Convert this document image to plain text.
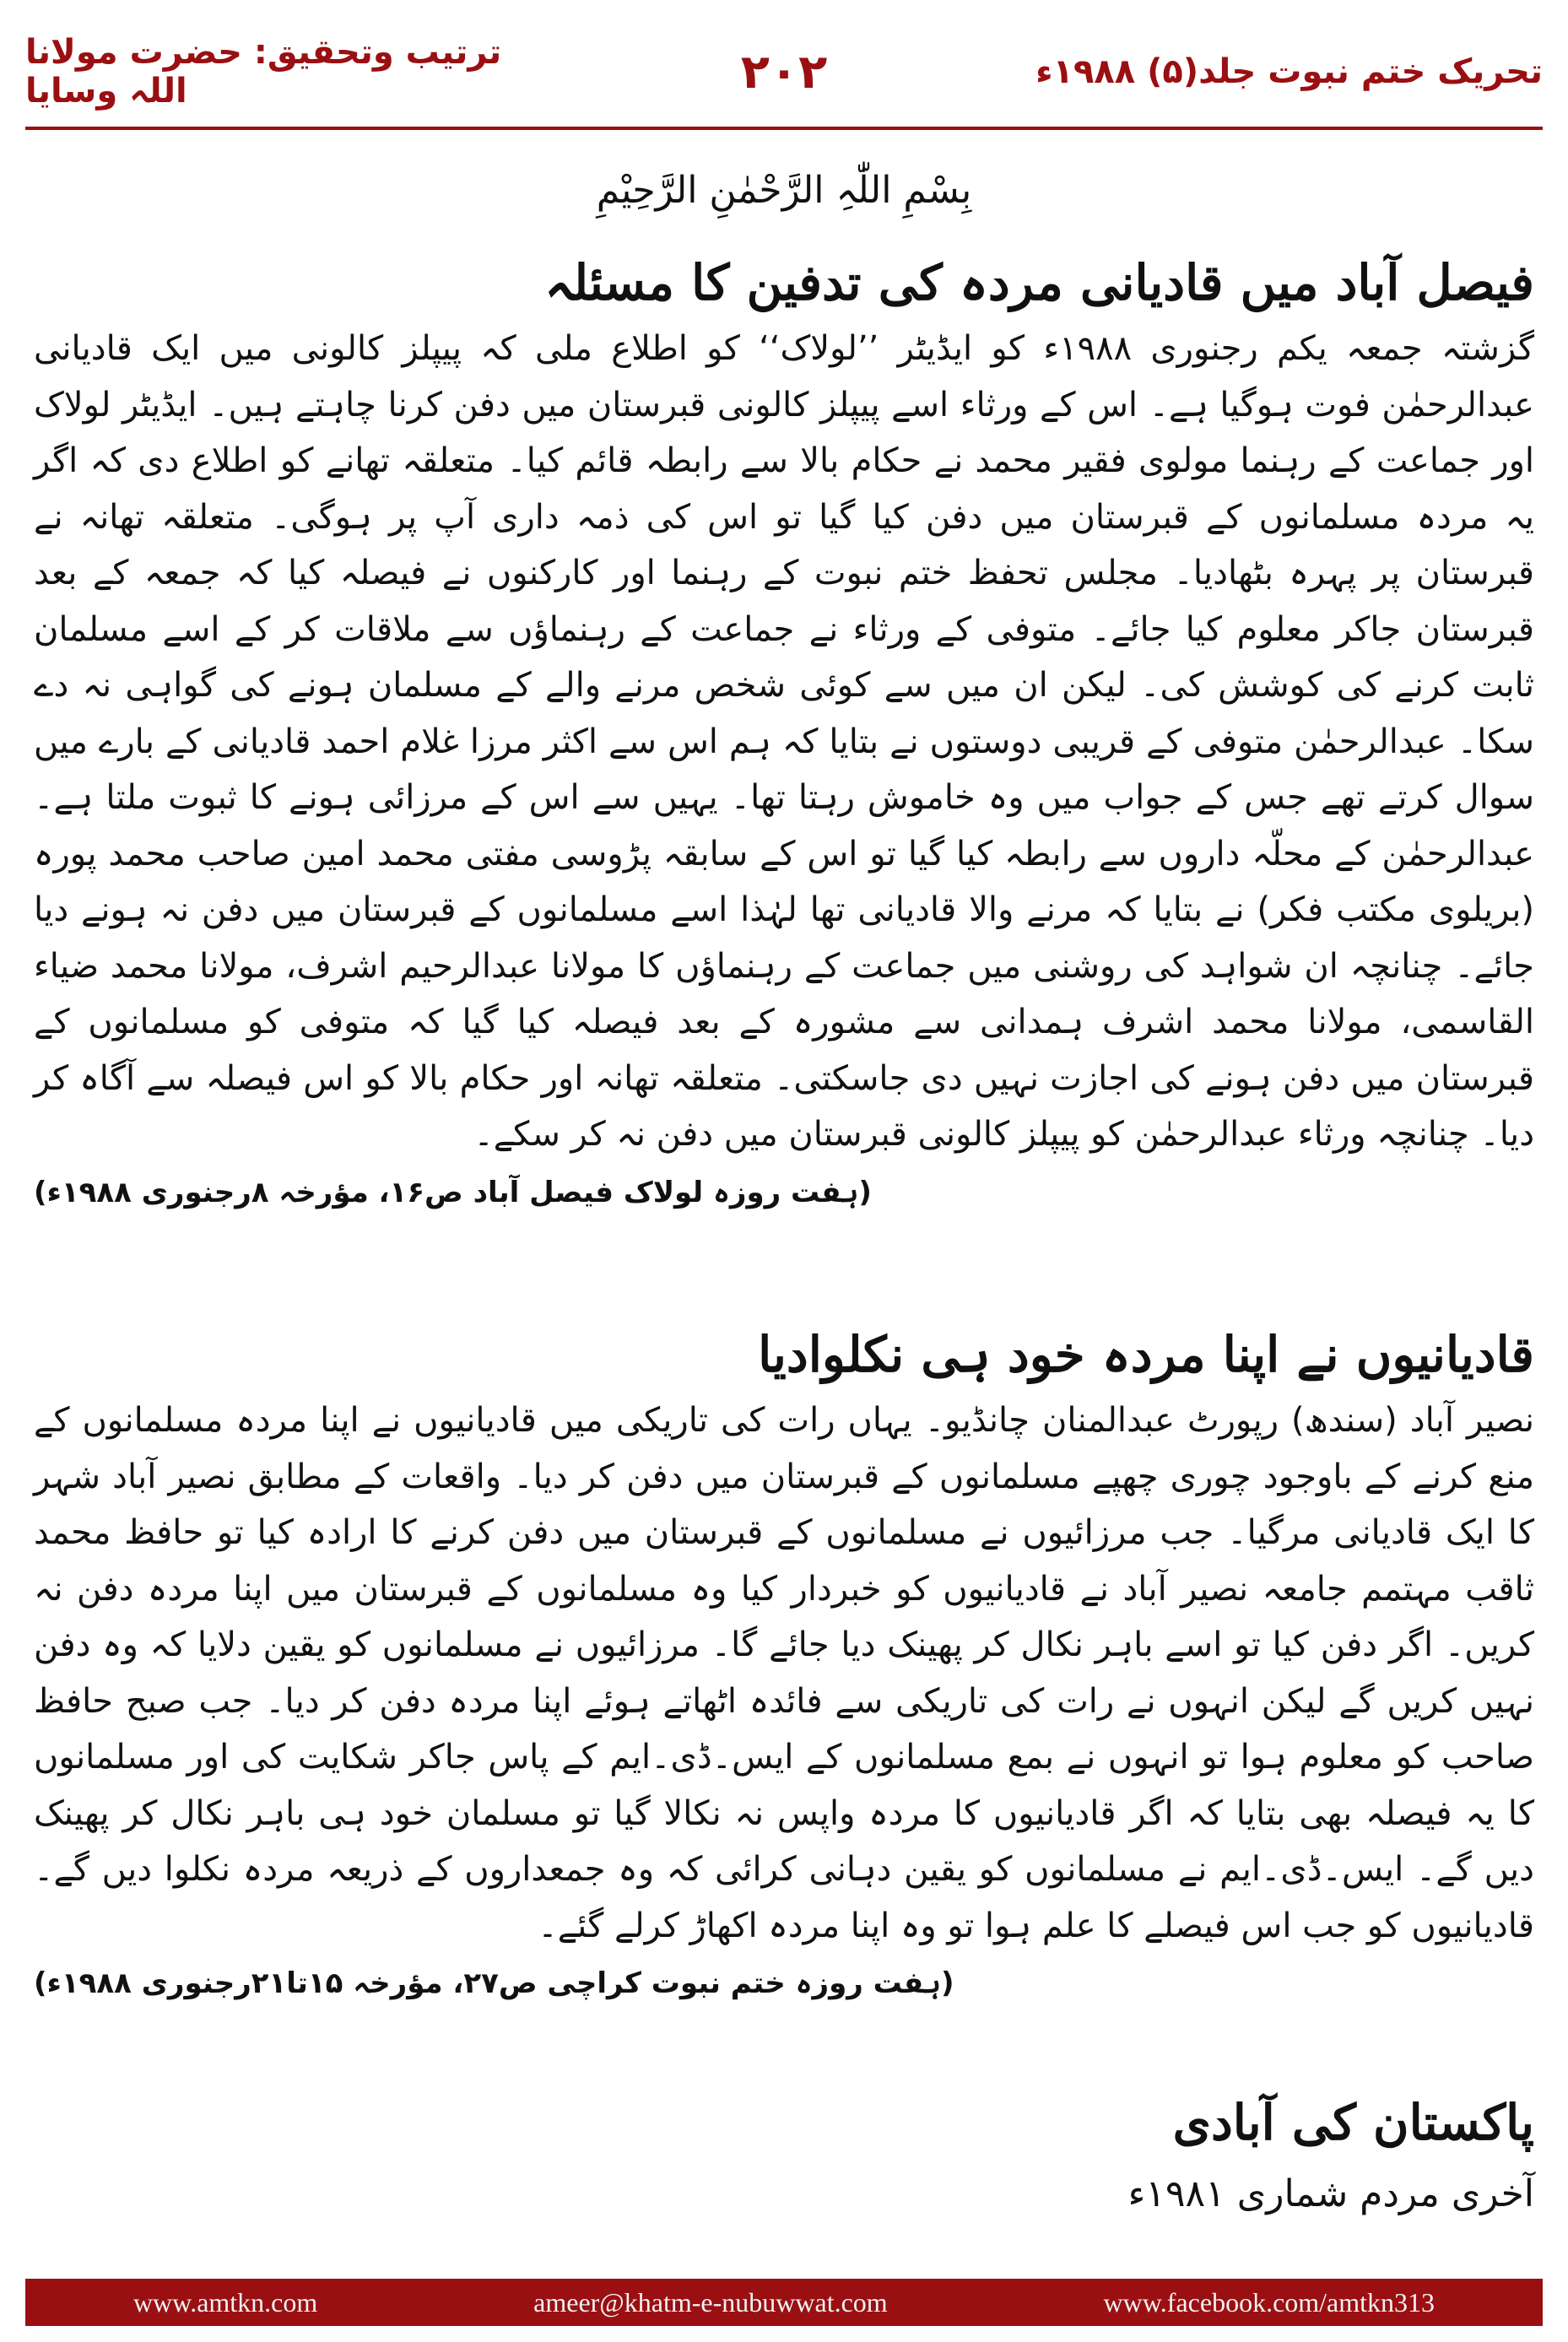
تحریک ختم نبوت جلد(۵) ۱۹۸۸ء
۲۰۲
ترتیب وتحقیق: حضرت مولانا اللہ وسایا
بِسْمِ اللّٰہِ الرَّحْمٰنِ الرَّحِیْمِ
فیصل آباد میں قادیانی مردہ کی تدفین کا مسئلہ

گزشتہ جمعہ یکم رجنوری ۱۹۸۸ء کو ایڈیٹر ’’لولاک‘‘ کو اطلاع ملی کہ پیپلز کالونی میں ایک قادیانی عبدالرحمٰن فوت ہوگیا ہے۔ اس کے ورثاء اسے پیپلز کالونی قبرستان میں دفن کرنا چاہتے ہیں۔ ایڈیٹر لولاک اور جماعت کے رہنما مولوی فقیر محمد نے حکام بالا سے رابطہ قائم کیا۔ متعلقہ تھانے کو اطلاع دی کہ اگر یہ مردہ مسلمانوں کے قبرستان میں دفن کیا گیا تو اس کی ذمہ داری آپ پر ہوگی۔ متعلقہ تھانہ نے قبرستان پر پہرہ بٹھادیا۔ مجلس تحفظ ختم نبوت کے رہنما اور کارکنوں نے فیصلہ کیا کہ جمعہ کے بعد قبرستان جاکر معلوم کیا جائے۔ متوفی کے ورثاء نے جماعت کے رہنماؤں سے ملاقات کر کے اسے مسلمان ثابت کرنے کی کوشش کی۔ لیکن ان میں سے کوئی شخص مرنے والے کے مسلمان ہونے کی گواہی نہ دے سکا۔ عبدالرحمٰن متوفی کے قریبی دوستوں نے بتایا کہ ہم اس سے اکثر مرزا غلام احمد قادیانی کے بارے میں سوال کرتے تھے جس کے جواب میں وہ خاموش رہتا تھا۔ یہیں سے اس کے مرزائی ہونے کا ثبوت ملتا ہے۔ عبدالرحمٰن کے محلّہ داروں سے رابطہ کیا گیا تو اس کے سابقہ پڑوسی مفتی محمد امین صاحب محمد پورہ (بریلوی مکتب فکر) نے بتایا کہ مرنے والا قادیانی تھا لہٰذا اسے مسلمانوں کے قبرستان میں دفن نہ ہونے دیا جائے۔ چنانچہ ان شواہد کی روشنی میں جماعت کے رہنماؤں کا مولانا عبدالرحیم اشرف، مولانا محمد ضیاء القاسمی، مولانا محمد اشرف ہمدانی سے مشورہ کے بعد فیصلہ کیا گیا کہ متوفی کو مسلمانوں کے قبرستان میں دفن ہونے کی اجازت نہیں دی جاسکتی۔ متعلقہ تھانہ اور حکام بالا کو اس فیصلہ سے آگاہ کر دیا۔ چنانچہ ورثاء عبدالرحمٰن کو پیپلز کالونی قبرستان میں دفن نہ کر سکے۔

(ہفت روزہ لولاک فیصل آباد ص۱۶، مؤرخہ ۸رجنوری ۱۹۸۸ء)
قادیانیوں نے اپنا مردہ خود ہی نکلوادیا

نصیر آباد (سندھ) رپورٹ عبدالمنان چانڈیو۔ یہاں رات کی تاریکی میں قادیانیوں نے اپنا مردہ مسلمانوں کے منع کرنے کے باوجود چوری چھپے مسلمانوں کے قبرستان میں دفن کر دیا۔ واقعات کے مطابق نصیر آباد شہر کا ایک قادیانی مرگیا۔ جب مرزائیوں نے مسلمانوں کے قبرستان میں دفن کرنے کا ارادہ کیا تو حافظ محمد ثاقب مہتمم جامعہ نصیر آباد نے قادیانیوں کو خبردار کیا وہ مسلمانوں کے قبرستان میں اپنا مردہ دفن نہ کریں۔ اگر دفن کیا تو اسے باہر نکال کر پھینک دیا جائے گا۔ مرزائیوں نے مسلمانوں کو یقین دلایا کہ وہ دفن نہیں کریں گے لیکن انہوں نے رات کی تاریکی سے فائدہ اٹھاتے ہوئے اپنا مردہ دفن کر دیا۔ جب صبح حافظ صاحب کو معلوم ہوا تو انہوں نے بمع مسلمانوں کے ایس۔ڈی۔ایم کے پاس جاکر شکایت کی اور مسلمانوں کا یہ فیصلہ بھی بتایا کہ اگر قادیانیوں کا مردہ واپس نہ نکالا گیا تو مسلمان خود ہی باہر نکال کر پھینک دیں گے۔ ایس۔ڈی۔ایم نے مسلمانوں کو یقین دہانی کرائی کہ وہ جمعداروں کے ذریعہ مردہ نکلوا دیں گے۔ قادیانیوں کو جب اس فیصلے کا علم ہوا تو وہ اپنا مردہ اکھاڑ کرلے گئے۔

(ہفت روزہ ختم نبوت کراچی ص۲۷، مؤرخہ ۱۵تا۲۱رجنوری ۱۹۸۸ء)
پاکستان کی آبادی

آخری مردم شماری ۱۹۸۱ء

www.amtkn.com	ameer@khatm-e-nubuwwat.com	www.facebook.com/amtkn313
